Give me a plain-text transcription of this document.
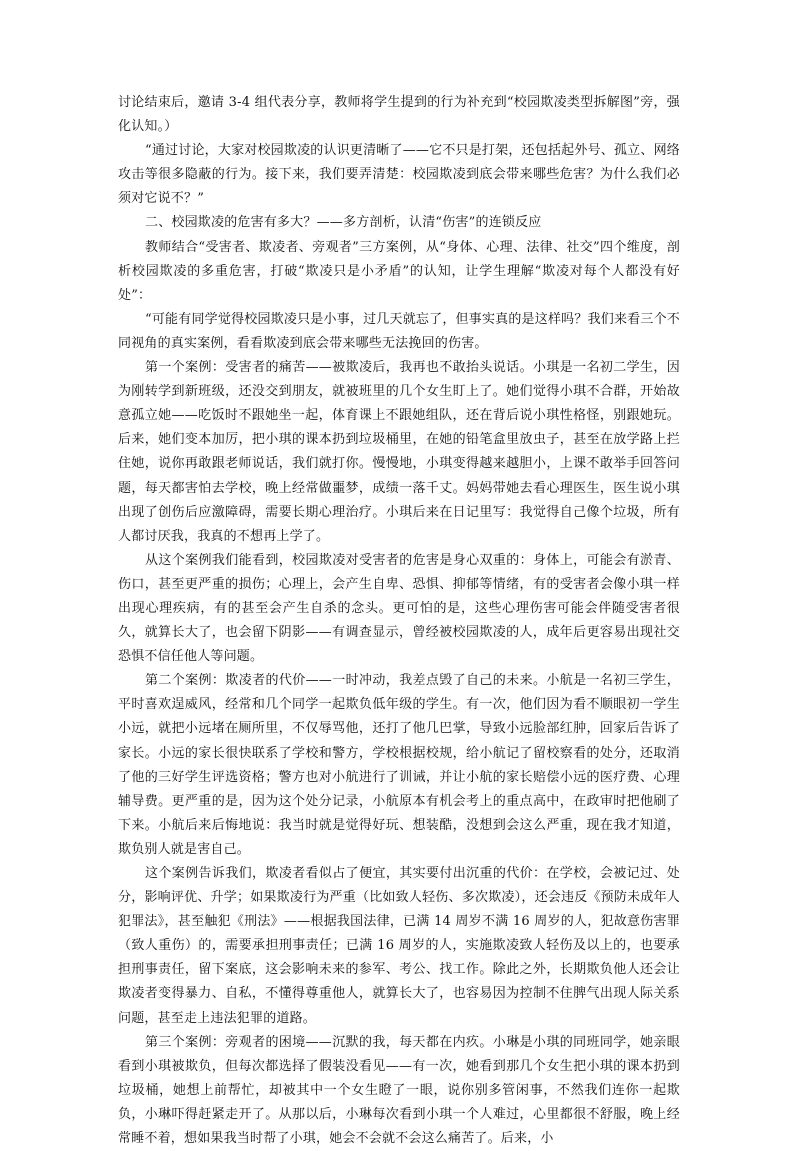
讨论结束后，邀请 3-4 组代表分享，教师将学生提到的行为补充到“校园欺凌类型拆解图”旁，强化认知。）

“通过讨论，大家对校园欺凌的认识更清晰了——它不只是打架，还包括起外号、孤立、网络攻击等很多隐蔽的行为。接下来，我们要弄清楚：校园欺凌到底会带来哪些危害？为什么我们必须对它说不？”

二、校园欺凌的危害有多大？——多方剖析，认清“伤害”的连锁反应

教师结合“受害者、欺凌者、旁观者”三方案例，从“身体、心理、法律、社交”四个维度，剖析校园欺凌的多重危害，打破“欺凌只是小矛盾”的认知，让学生理解“欺凌对每个人都没有好处”：

“可能有同学觉得校园欺凌只是小事，过几天就忘了，但事实真的是这样吗？我们来看三个不同视角的真实案例，看看欺凌到底会带来哪些无法挽回的伤害。

第一个案例：受害者的痛苦——被欺凌后，我再也不敢抬头说话。小琪是一名初二学生，因为刚转学到新班级，还没交到朋友，就被班里的几个女生盯上了。她们觉得小琪不合群，开始故意孤立她——吃饭时不跟她坐一起，体育课上不跟她组队，还在背后说小琪性格怪，别跟她玩。后来，她们变本加厉，把小琪的课本扔到垃圾桶里，在她的铅笔盒里放虫子，甚至在放学路上拦住她，说你再敢跟老师说话，我们就打你。慢慢地，小琪变得越来越胆小，上课不敢举手回答问题，每天都害怕去学校，晚上经常做噩梦，成绩一落千丈。妈妈带她去看心理医生，医生说小琪出现了创伤后应激障碍，需要长期心理治疗。小琪后来在日记里写：我觉得自己像个垃圾，所有人都讨厌我，我真的不想再上学了。

从这个案例我们能看到，校园欺凌对受害者的危害是身心双重的：身体上，可能会有淤青、伤口，甚至更严重的损伤；心理上，会产生自卑、恐惧、抑郁等情绪，有的受害者会像小琪一样出现心理疾病，有的甚至会产生自杀的念头。更可怕的是，这些心理伤害可能会伴随受害者很久，就算长大了，也会留下阴影——有调查显示，曾经被校园欺凌的人，成年后更容易出现社交恐惧不信任他人等问题。

第二个案例：欺凌者的代价——一时冲动，我差点毁了自己的未来。小航是一名初三学生，平时喜欢逞威风，经常和几个同学一起欺负低年级的学生。有一次，他们因为看不顺眼初一学生小远，就把小远堵在厕所里，不仅辱骂他，还打了他几巴掌，导致小远脸部红肿，回家后告诉了家长。小远的家长很快联系了学校和警方，学校根据校规，给小航记了留校察看的处分，还取消了他的三好学生评选资格；警方也对小航进行了训诫，并让小航的家长赔偿小远的医疗费、心理辅导费。更严重的是，因为这个处分记录，小航原本有机会考上的重点高中，在政审时把他刷了下来。小航后来后悔地说：我当时就是觉得好玩、想装酷，没想到会这么严重，现在我才知道，欺负别人就是害自己。

这个案例告诉我们，欺凌者看似占了便宜，其实要付出沉重的代价：在学校，会被记过、处分，影响评优、升学；如果欺凌行为严重（比如致人轻伤、多次欺凌），还会违反《预防未成年人犯罪法》，甚至触犯《刑法》——根据我国法律，已满 14 周岁不满 16 周岁的人，犯故意伤害罪（致人重伤）的，需要承担刑事责任；已满 16 周岁的人，实施欺凌致人轻伤及以上的，也要承担刑事责任，留下案底，这会影响未来的参军、考公、找工作。除此之外，长期欺负他人还会让欺凌者变得暴力、自私，不懂得尊重他人，就算长大了，也容易因为控制不住脾气出现人际关系问题，甚至走上违法犯罪的道路。

第三个案例：旁观者的困境——沉默的我，每天都在内疚。小琳是小琪的同班同学，她亲眼看到小琪被欺负，但每次都选择了假装没看见——有一次，她看到那几个女生把小琪的课本扔到垃圾桶，她想上前帮忙，却被其中一个女生瞪了一眼，说你别多管闲事，不然我们连你一起欺负，小琳吓得赶紧走开了。从那以后，小琳每次看到小琪一个人难过，心里都很不舒服，晚上经常睡不着，想如果我当时帮了小琪，她会不会就不会这么痛苦了。后来，小
